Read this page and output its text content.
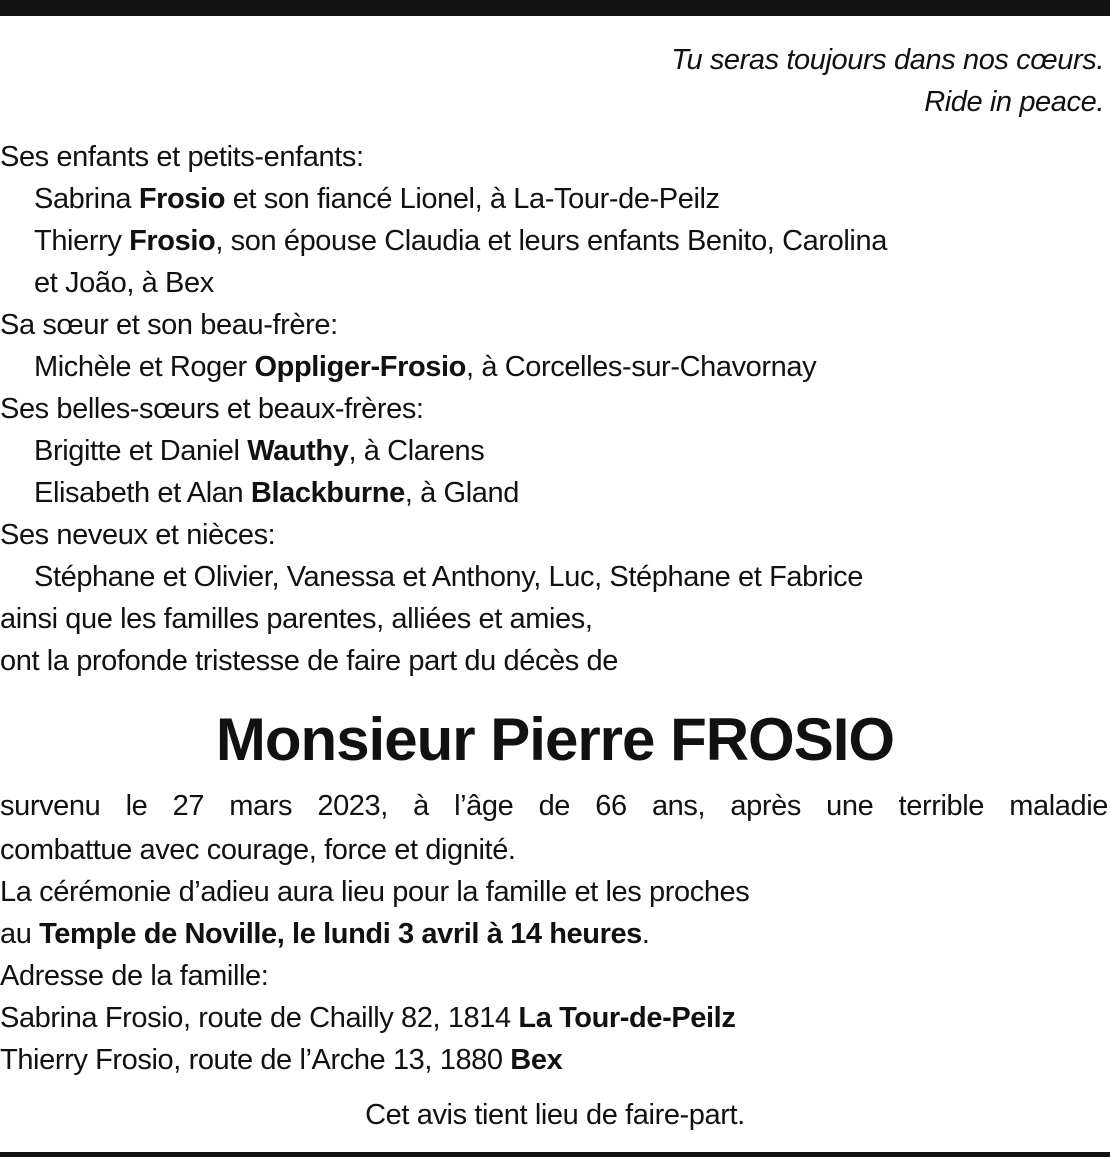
Tu seras toujours dans nos cœurs.
Ride in peace.
Ses enfants et petits-enfants:
Sabrina Frosio et son fiancé Lionel, à La-Tour-de-Peilz
Thierry Frosio, son épouse Claudia et leurs enfants Benito, Carolina
et João, à Bex
Sa sœur et son beau-frère:
Michèle et Roger Oppliger-Frosio, à Corcelles-sur-Chavornay
Ses belles-sœurs et beaux-frères:
Brigitte et Daniel Wauthy, à Clarens
Elisabeth et Alan Blackburne, à Gland
Ses neveux et nièces:
Stéphane et Olivier, Vanessa et Anthony, Luc, Stéphane et Fabrice
ainsi que les familles parentes, alliées et amies,
ont la profonde tristesse de faire part du décès de
Monsieur Pierre FROSIO
survenu le 27 mars 2023, à l’âge de 66 ans, après une terrible maladie
combattue avec courage, force et dignité.
La cérémonie d’adieu aura lieu pour la famille et les proches
au Temple de Noville, le lundi 3 avril à 14 heures.
Adresse de la famille:
Sabrina Frosio, route de Chailly 82, 1814 La Tour-de-Peilz
Thierry Frosio, route de l’Arche 13, 1880 Bex
Cet avis tient lieu de faire-part.
